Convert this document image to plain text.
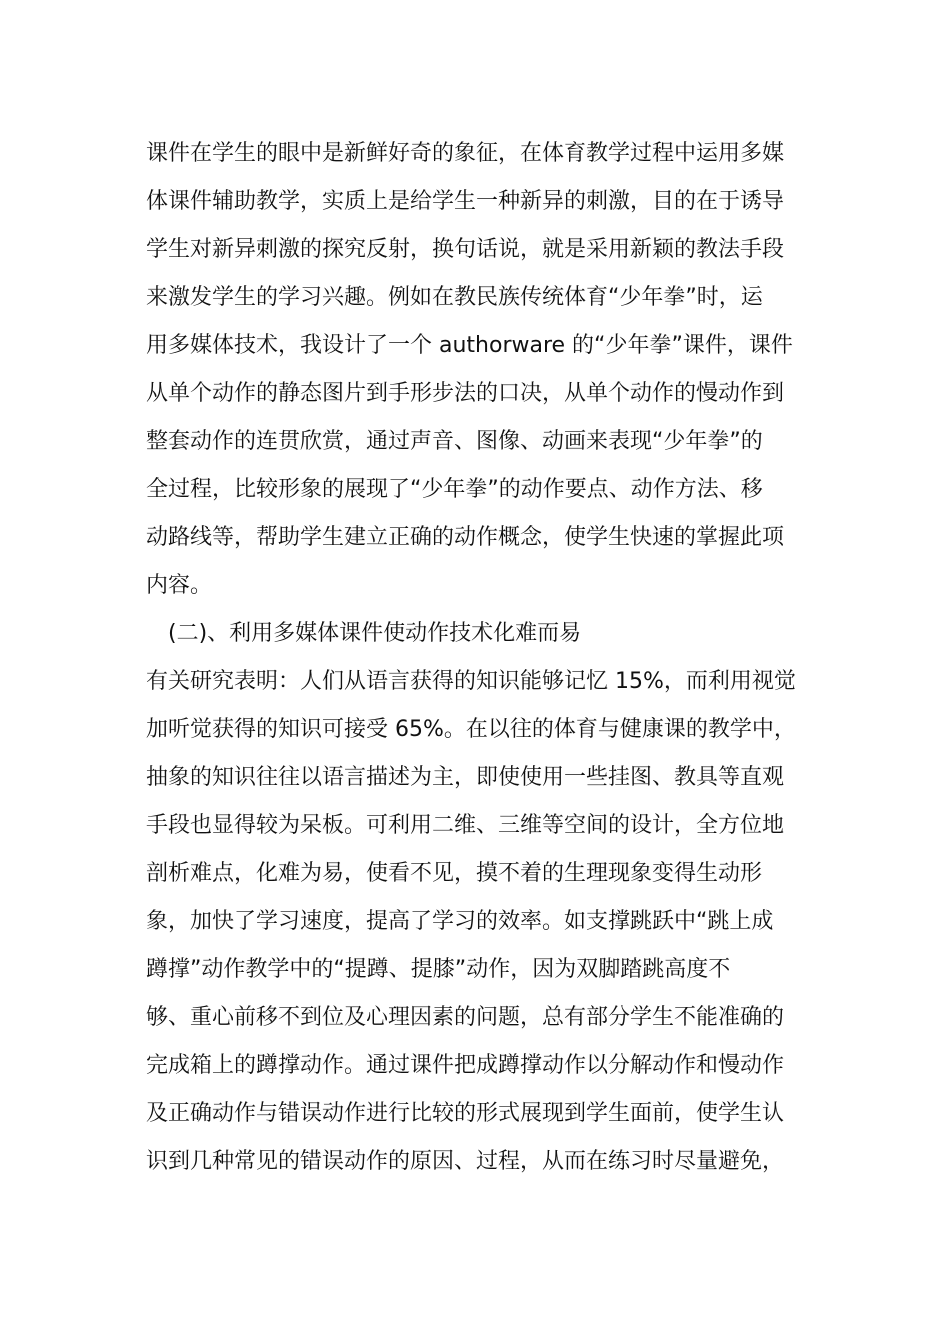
课件在学生的眼中是新鲜好奇的象征，在体育教学过程中运用多媒
体课件辅助教学，实质上是给学生一种新异的刺激，目的在于诱导
学生对新异刺激的探究反射，换句话说，就是采用新颖的教法手段
来激发学生的学习兴趣。例如在教民族传统体育“少年拳”时，运
用多媒体技术，我设计了一个 authorware 的“少年拳”课件，课件
从单个动作的静态图片到手形步法的口决，从单个动作的慢动作到
整套动作的连贯欣赏，通过声音、图像、动画来表现“少年拳”的
全过程，比较形象的展现了“少年拳”的动作要点、动作方法、移
动路线等，帮助学生建立正确的动作概念，使学生快速的掌握此项
内容。
(二)、利用多媒体课件使动作技术化难而易
有关研究表明：人们从语言获得的知识能够记忆 15%，而利用视觉
加听觉获得的知识可接受 65%。在以往的体育与健康课的教学中，
抽象的知识往往以语言描述为主，即使使用一些挂图、教具等直观
手段也显得较为呆板。可利用二维、三维等空间的设计，全方位地
剖析难点，化难为易，使看不见，摸不着的生理现象变得生动形
象，加快了学习速度，提高了学习的效率。如支撑跳跃中“跳上成
蹲撑”动作教学中的“提蹲、提膝”动作，因为双脚踏跳高度不
够、重心前移不到位及心理因素的问题，总有部分学生不能准确的
完成箱上的蹲撑动作。通过课件把成蹲撑动作以分解动作和慢动作
及正确动作与错误动作进行比较的形式展现到学生面前，使学生认
识到几种常见的错误动作的原因、过程，从而在练习时尽量避免，
